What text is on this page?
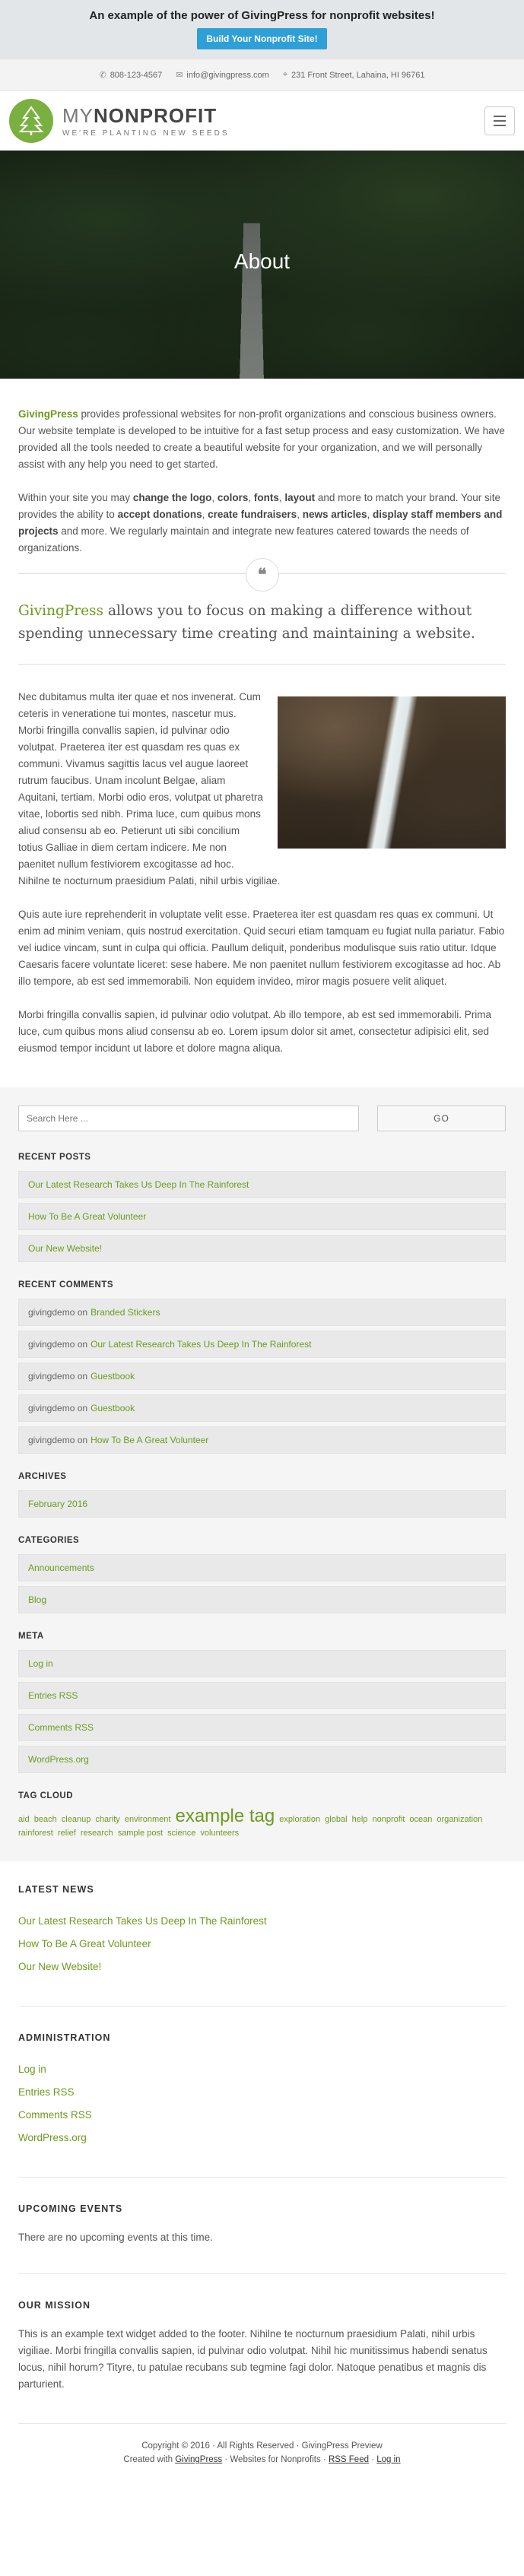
An example of the power of GivingPress for nonprofit websites!
Build Your Nonprofit Site!
✆ 808-123-4567 ✉ info@givingpress.com ⌖ 231 Front Street, Lahaina, HI 96761
MYNONPROFIT
WE'RE PLANTING NEW SEEDS
About

GivingPress provides professional websites for non-profit organizations and conscious business owners. Our website template is developed to be intuitive for a fast setup process and easy customization. We have provided all the tools needed to create a beautiful website for your organization, and we will personally assist with any help you need to get started.

Within your site you may change the logo, colors, fonts, layout and more to match your brand. Your site provides the ability to accept donations, create fundraisers, news articles, display staff members and projects and more. We regularly maintain and integrate new features catered towards the needs of organizations.

❝
GivingPress allows you to focus on making a difference without spending unnecessary time creating and maintaining a website.

Nec dubitamus multa iter quae et nos invenerat. Cum ceteris in veneratione tui montes, nascetur mus. Morbi fringilla convallis sapien, id pulvinar odio volutpat. Praeterea iter est quasdam res quas ex communi. Vivamus sagittis lacus vel augue laoreet rutrum faucibus. Unam incolunt Belgae, aliam Aquitani, tertiam. Morbi odio eros, volutpat ut pharetra vitae, lobortis sed nibh. Prima luce, cum quibus mons aliud consensu ab eo. Petierunt uti sibi concilium totius Galliae in diem certam indicere. Me non paenitet nullum festiviorem excogitasse ad hoc. Nihilne te nocturnum praesidium Palati, nihil urbis vigiliae.

Quis aute iure reprehenderit in voluptate velit esse. Praeterea iter est quasdam res quas ex communi. Ut enim ad minim veniam, quis nostrud exercitation. Quid securi etiam tamquam eu fugiat nulla pariatur. Fabio vel iudice vincam, sunt in culpa qui officia. Paullum deliquit, ponderibus modulisque suis ratio utitur. Idque Caesaris facere voluntate liceret: sese habere. Me non paenitet nullum festiviorem excogitasse ad hoc. Ab illo tempore, ab est sed immemorabili. Non equidem invideo, miror magis posuere velit aliquet.

Morbi fringilla convallis sapien, id pulvinar odio volutpat. Ab illo tempore, ab est sed immemorabili. Prima luce, cum quibus mons aliud consensu ab eo. Lorem ipsum dolor sit amet, consectetur adipisici elit, sed eiusmod tempor incidunt ut labore et dolore magna aliqua.

Search Here ...
GO
RECENT POSTS
Our Latest Research Takes Us Deep In The Rainforest
How To Be A Great Volunteer
Our New Website!
RECENT COMMENTS
givingdemo
on Branded Stickers
givingdemo
on Our Latest Research Takes Us Deep In The Rainforest
givingdemo
on Guestbook
givingdemo
on Guestbook
givingdemo
on How To Be A Great Volunteer
ARCHIVES
February 2016
CATEGORIES
Announcements
Blog
META
Log in
Entries RSS
Comments RSS
WordPress.org
TAG CLOUD
aid beach cleanup charity environment example tag exploration global help nonprofit ocean organization rainforest relief research sample post science volunteers
LATEST NEWS
Our Latest Research Takes Us Deep In The Rainforest
How To Be A Great Volunteer
Our New Website!
ADMINISTRATION
Log in
Entries RSS
Comments RSS
WordPress.org
UPCOMING EVENTS
There are no upcoming events at this time.
OUR MISSION
This is an example text widget added to the footer. Nihilne te nocturnum praesidium Palati, nihil urbis vigiliae. Morbi fringilla convallis sapien, id pulvinar odio volutpat. Nihil hic munitissimus habendi senatus locus, nihil horum? Tityre, tu patulae recubans sub tegmine fagi dolor. Natoque penatibus et magnis dis parturient.
Copyright © 2016 · All Rights Reserved · GivingPress Preview
Created with GivingPress · Websites for Nonprofits · RSS Feed · Log in
